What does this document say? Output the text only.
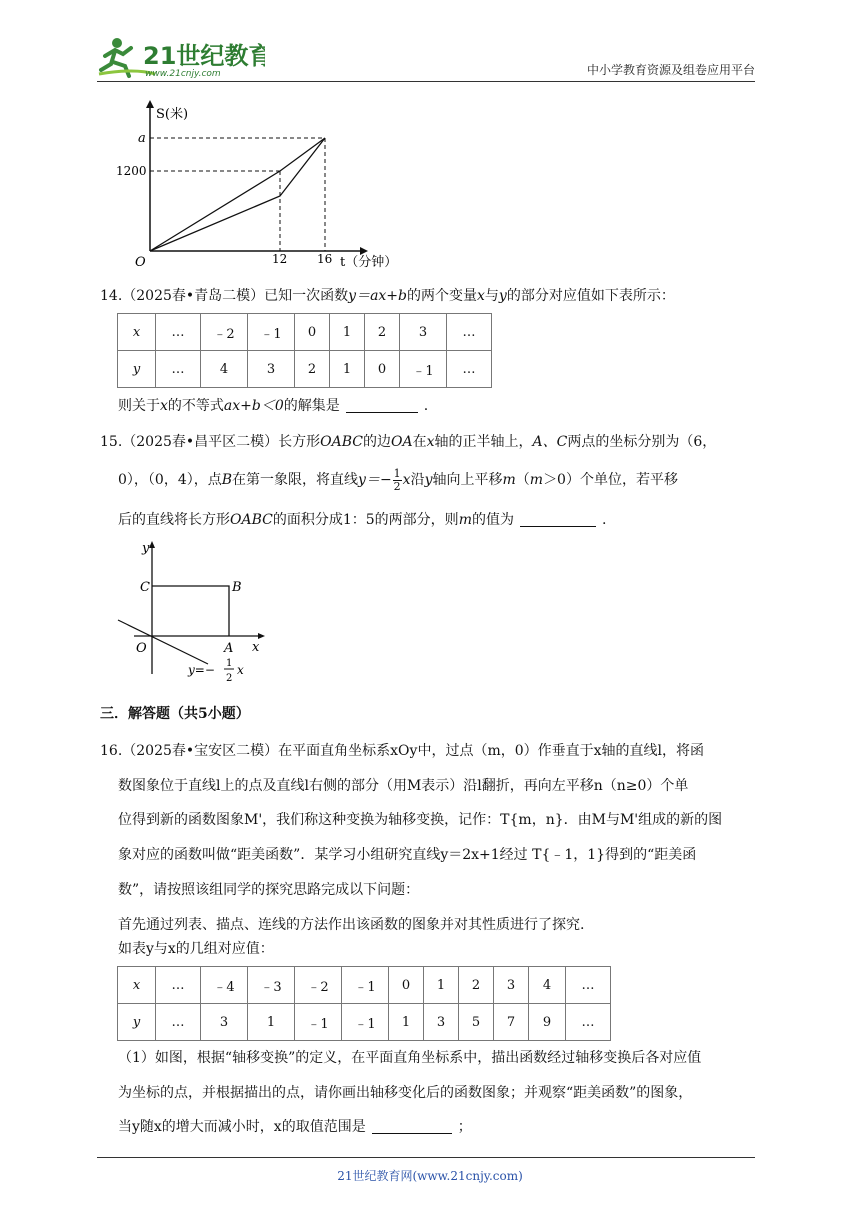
21世纪教育
www.21cnjy.com	中小学教育资源及组卷应用平台
S(米)
a
1200
O	12 16 t（分钟）
14.（2025春•青岛二模）已知一次函数y＝ax+b的两个变量x与y的部分对应值如下表所示：
x	…	﹣2	﹣1	0	1	2	3	…
y	…	4	3	2	1	0	﹣1	…
则关于x的不等式ax+b＜0的解集是	.
15.（2025春•昌平区二模）长方形OABC的边OA在x轴的正半轴上，A、C两点的坐标分别为（6，
0），（0，4），点B在第一象限，将直线$y=- \frac{1}{2}$ x沿y轴向上平移m（m＞0）个单位，若平移
后的直线将长方形OABC的面积分成1：5的两部分，则m的值为	.
y
x
O	A
B
C
y=− 1
2
x
三．解答题（共5小题）
16.（2025春•宝安区二模）在平面直角坐标系xOy中，过点（m，0）作垂直于x轴的直线l，将函
数图象位于直线l上的点及直线l右侧的部分（用M表示）沿l翻折，再向左平移n（n≥0）个单
位得到新的函数图象M'，我们称这种变换为轴移变换，记作：T{m，n}．由M与M'组成的新的图
象对应的函数叫做“距美函数”．某学习小组研究直线y＝2x+1经过 T{﹣1，1}得到的“距美函
数”，请按照该组同学的探究思路完成以下问题：
首先通过列表、描点、连线的方法作出该函数的图象并对其性质进行了探究.
如表y与x的几组对应值：
x	…	﹣4	﹣3	﹣2	﹣1	0	1	2	3	4	…
y	…	3	1	﹣1	﹣1	1	3	5	7	9	…
（1）如图，根据“轴移变换”的定义，在平面直角坐标系中，描出函数经过轴移变换后各对应值
为坐标的点，并根据描出的点，请你画出轴移变化后的函数图象；并观察“距美函数”的图象，
当y随x的增大而减小时，x的取值范围是	；
21世纪教育网(www.21cnjy.com)
